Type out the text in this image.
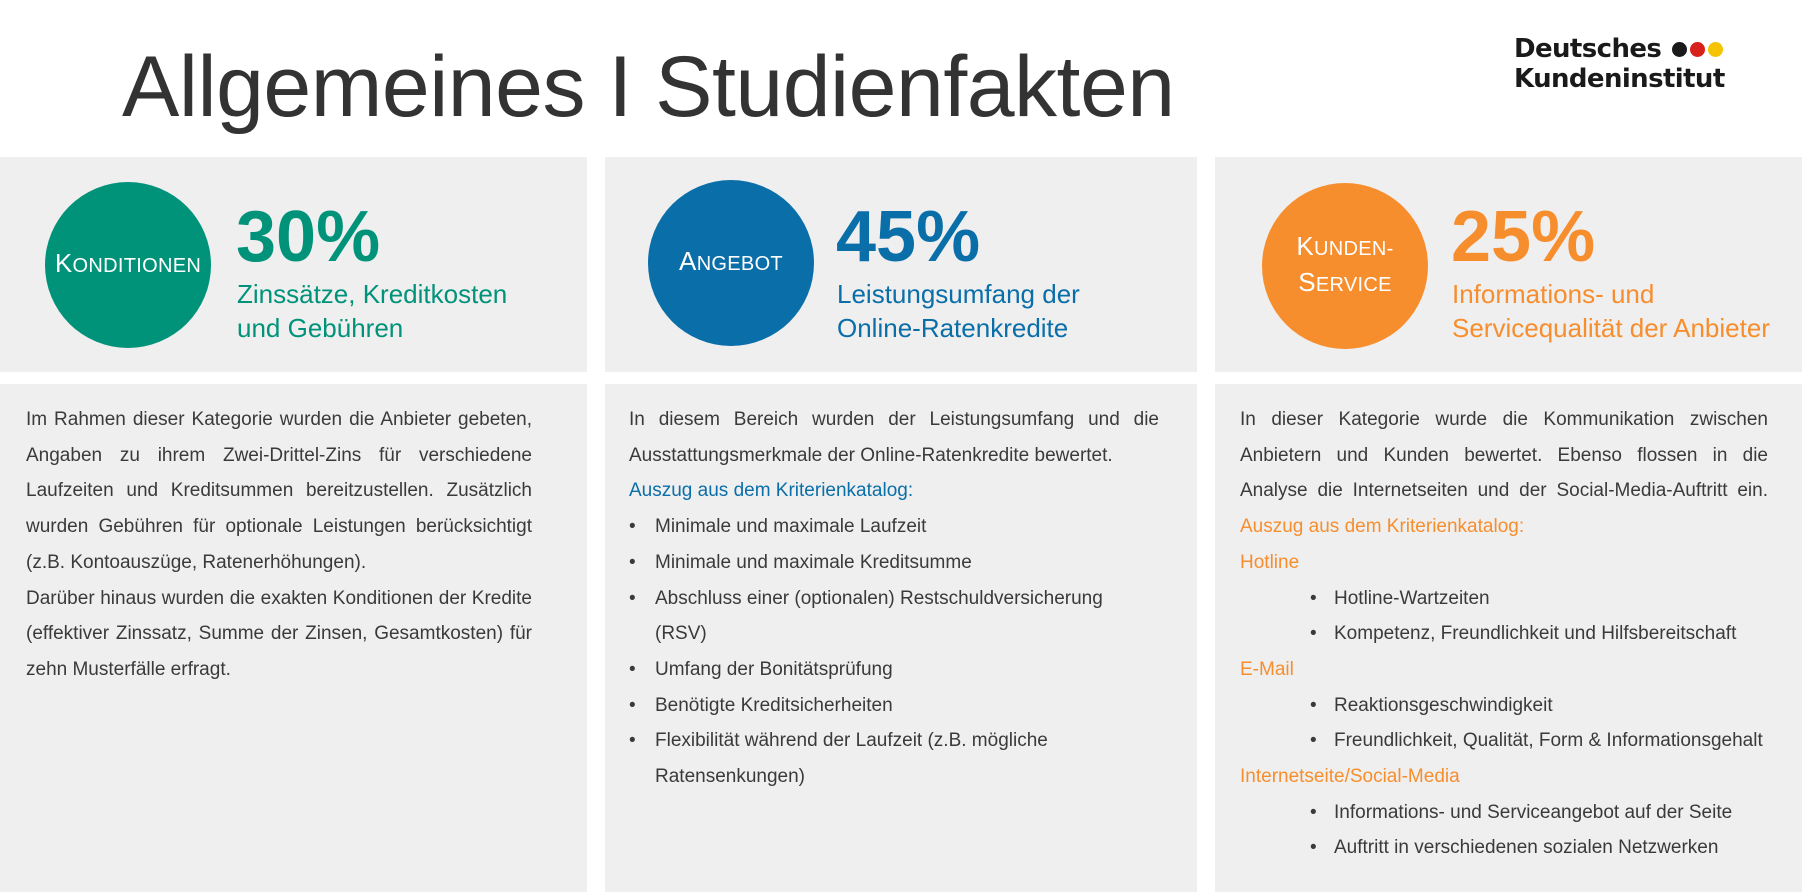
Allgemeines I Studienfakten	Deutsches
Kundeninstitut
KONDITIONEN	ANGEBOT
KUNDEN-
SERVICE
30%	45%	25%
Zinssätze, Kreditkosten
und Gebühren
Leistungsumfang der
Online-Ratenkredite
Informations- und
Servicequalität der Anbieter
Im Rahmen dieser Kategorie wurden die Anbieter gebeten,
Angaben zu ihrem Zwei-Drittel-Zins für verschiedene
Laufzeiten und Kreditsummen bereitzustellen. Zusätzlich
wurden Gebühren für optionale Leistungen berücksichtigt
(z.B. Kontoauszüge, Ratenerhöhungen).
Darüber hinaus wurden die exakten Konditionen der Kredite
(effektiver Zinssatz, Summe der Zinsen, Gesamtkosten) für
zehn Musterfälle erfragt.
In diesem Bereich wurden der Leistungsumfang und die
Ausstattungsmerkmale der Online-Ratenkredite bewertet.
Auszug aus dem Kriterienkatalog:
• Minimale und maximale Laufzeit
• Minimale und maximale Kreditsumme
• Abschluss einer (optionalen) Restschuldversicherung
(RSV)
• Umfang der Bonitätsprüfung
• Benötigte Kreditsicherheiten
• Flexibilität während der Laufzeit (z.B. mögliche
Ratensenkungen)
In dieser Kategorie wurde die Kommunikation zwischen
Anbietern und Kunden bewertet. Ebenso flossen in die
Analyse die Internetseiten und der Social-Media-Auftritt ein.
Auszug aus dem Kriterienkatalog:
Hotline
• Hotline-Wartzeiten
• Kompetenz, Freundlichkeit und Hilfsbereitschaft
E-Mail
• Reaktionsgeschwindigkeit
• Freundlichkeit, Qualität, Form & Informationsgehalt
Internetseite/Social-Media
• Informations- und Serviceangebot auf der Seite
• Auftritt in verschiedenen sozialen Netzwerken
